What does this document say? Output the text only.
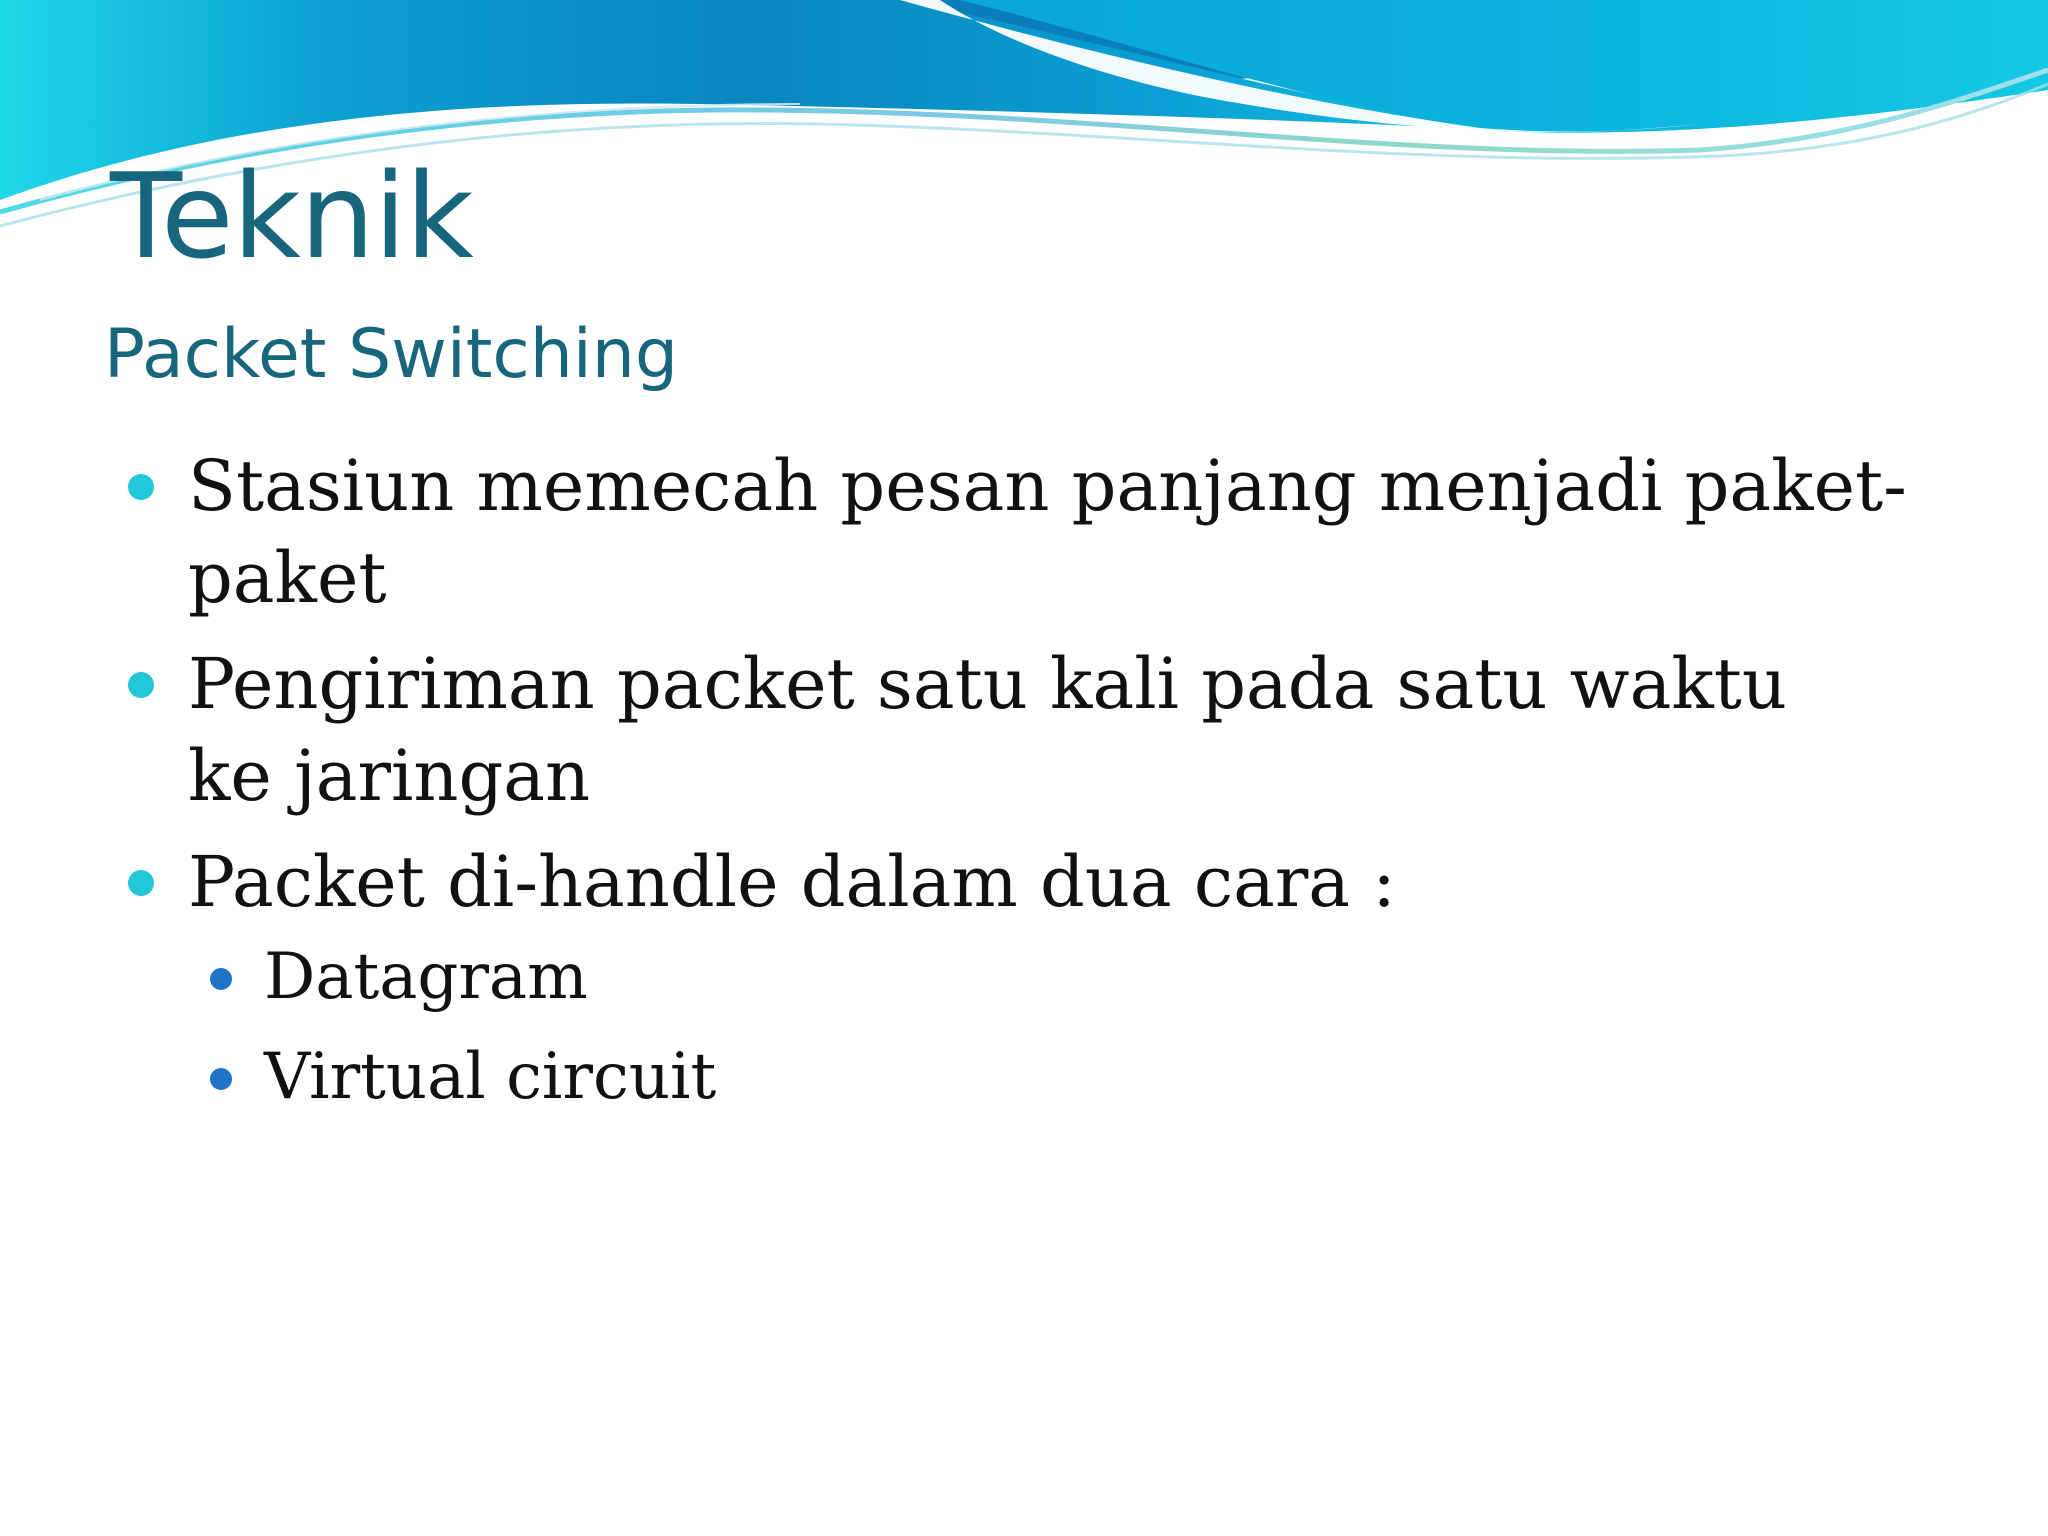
Teknik
Packet Switching
Stasiun memecah pesan panjang menjadi paket-paket
Pengiriman packet satu kali pada satu waktu ke jaringan
Packet di-handle dalam dua cara :
Datagram
Virtual circuit
